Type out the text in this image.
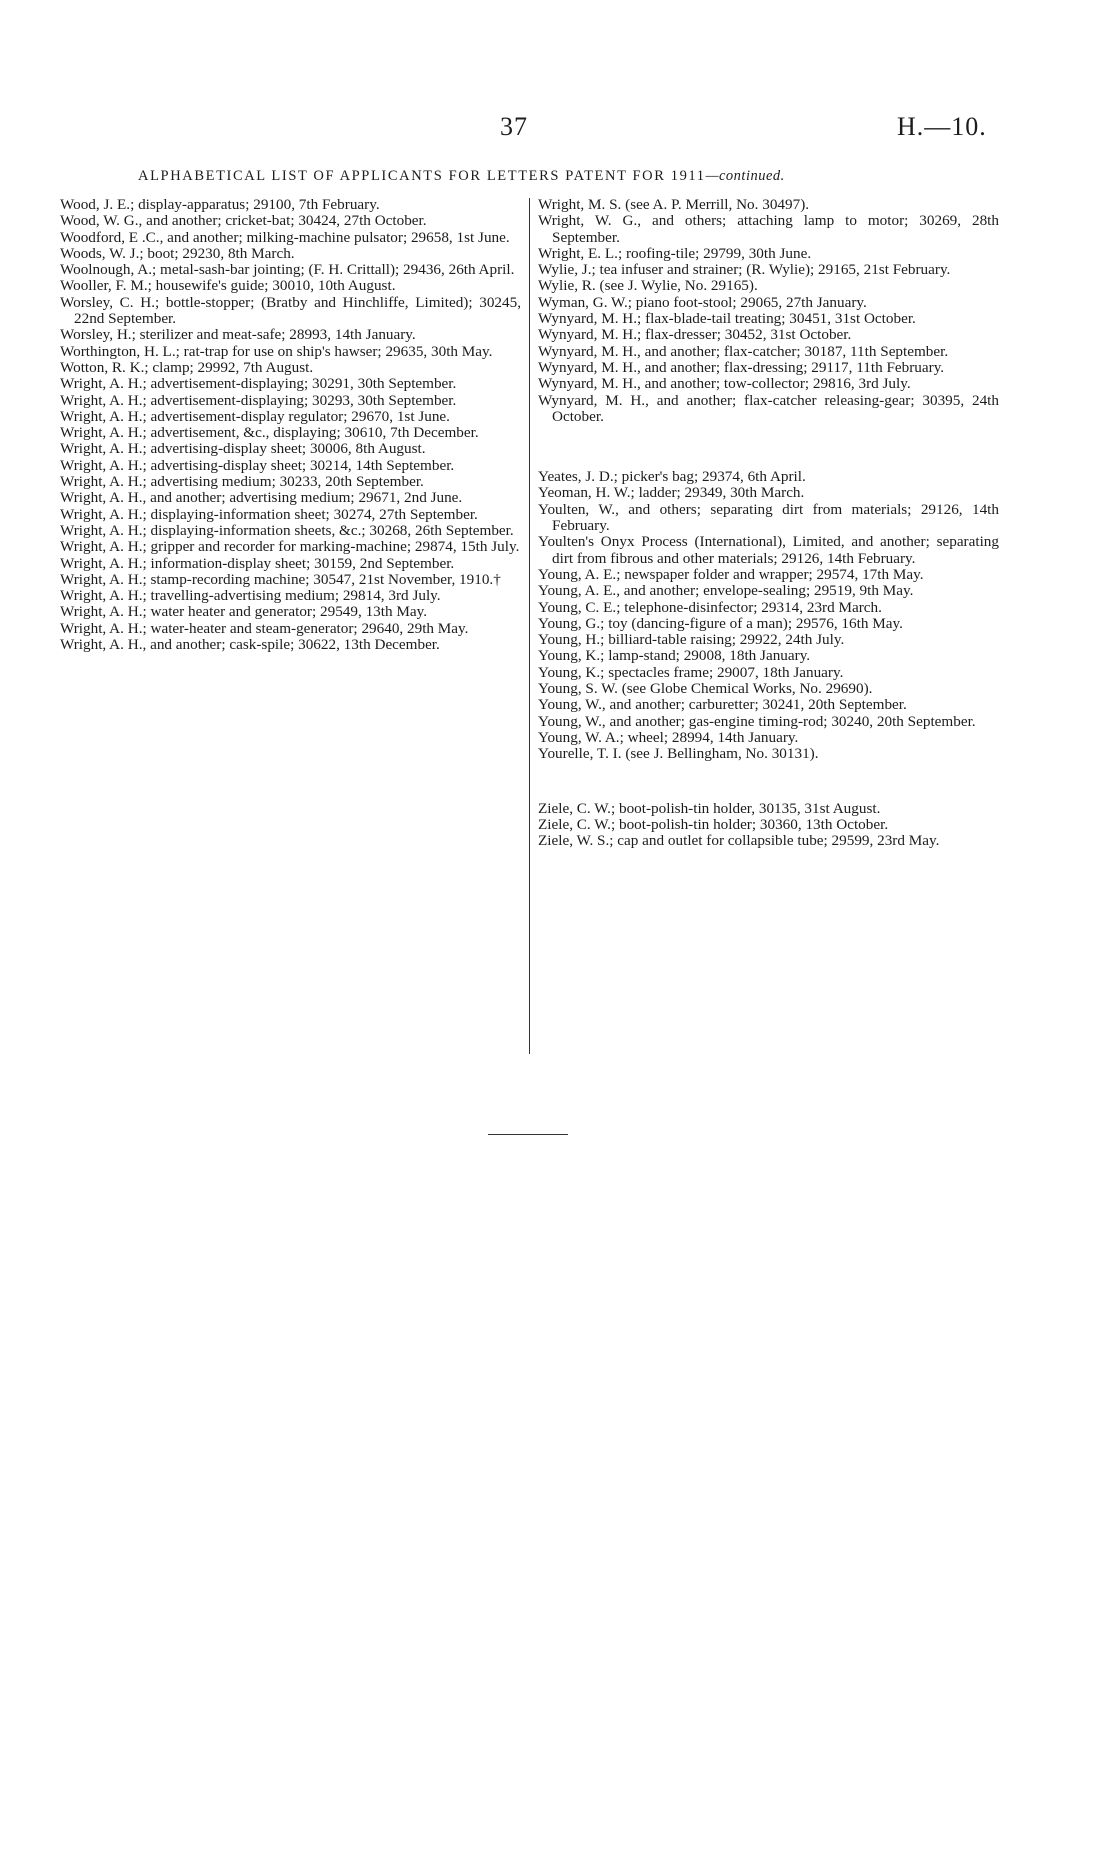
37	H.—10.
ALPHABETICAL LIST OF APPLICANTS FOR LETTERS PATENT FOR 1911—continued.

Wood, J. E.; display-apparatus; 29100, 7th February.

Wood, W. G., and another; cricket-bat; 30424, 27th October.

Woodford, E .C., and another; milking-machine pulsator; 29658, 1st June.

Woods, W. J.; boot; 29230, 8th March.

Woolnough, A.; metal-sash-bar jointing; (F. H. Crittall); 29436, 26th April.

Wooller, F. M.; housewife's guide; 30010, 10th August.

Worsley, C. H.; bottle-stopper; (Bratby and Hinchliffe, Limited); 30245, 22nd September.

Worsley, H.; sterilizer and meat-safe; 28993, 14th January.

Worthington, H. L.; rat-trap for use on ship's hawser; 29635, 30th May.

Wotton, R. K.; clamp; 29992, 7th August.

Wright, A. H.; advertisement-displaying; 30291, 30th September.

Wright, A. H.; advertisement-displaying; 30293, 30th September.

Wright, A. H.; advertisement-display regulator; 29670, 1st June.

Wright, A. H.; advertisement, &c., displaying; 30610, 7th December.

Wright, A. H.; advertising-display sheet; 30006, 8th August.

Wright, A. H.; advertising-display sheet; 30214, 14th September.

Wright, A. H.; advertising medium; 30233, 20th September.

Wright, A. H., and another; advertising medium; 29671, 2nd June.

Wright, A. H.; displaying-information sheet; 30274, 27th September.

Wright, A. H.; displaying-information sheets, &c.; 30268, 26th September.

Wright, A. H.; gripper and recorder for marking-machine; 29874, 15th July.

Wright, A. H.; information-display sheet; 30159, 2nd September.

Wright, A. H.; stamp-recording machine; 30547, 21st November, 1910.†

Wright, A. H.; travelling-advertising medium; 29814, 3rd July.

Wright, A. H.; water heater and generator; 29549, 13th May.

Wright, A. H.; water-heater and steam-generator; 29640, 29th May.

Wright, A. H., and another; cask-spile; 30622, 13th December.

Wright, M. S. (see A. P. Merrill, No. 30497).

Wright, W. G., and others; attaching lamp to motor; 30269, 28th September.

Wright, E. L.; roofing-tile; 29799, 30th June.

Wylie, J.; tea infuser and strainer; (R. Wylie); 29165, 21st February.

Wylie, R. (see J. Wylie, No. 29165).

Wyman, G. W.; piano foot-stool; 29065, 27th January.

Wynyard, M. H.; flax-blade-tail treating; 30451, 31st October.

Wynyard, M. H.; flax-dresser; 30452, 31st October.

Wynyard, M. H., and another; flax-catcher; 30187, 11th September.

Wynyard, M. H., and another; flax-dressing; 29117, 11th February.

Wynyard, M. H., and another; tow-collector; 29816, 3rd July.

Wynyard, M. H., and another; flax-catcher releasing-gear; 30395, 24th October.

Yeates, J. D.; picker's bag; 29374, 6th April.

Yeoman, H. W.; ladder; 29349, 30th March.

Youlten, W., and others; separating dirt from materials; 29126, 14th February.

Youlten's Onyx Process (International), Limited, and another; separating dirt from fibrous and other materials; 29126, 14th February.

Young, A. E.; newspaper folder and wrapper; 29574, 17th May.

Young, A. E., and another; envelope-sealing; 29519, 9th May.

Young, C. E.; telephone-disinfector; 29314, 23rd March.

Young, G.; toy (dancing-figure of a man); 29576, 16th May.

Young, H.; billiard-table raising; 29922, 24th July.

Young, K.; lamp-stand; 29008, 18th January.

Young, K.; spectacles frame; 29007, 18th January.

Young, S. W. (see Globe Chemical Works, No. 29690).

Young, W., and another; carburetter; 30241, 20th September.

Young, W., and another; gas-engine timing-rod; 30240, 20th September.

Young, W. A.; wheel; 28994, 14th January.

Yourelle, T. I. (see J. Bellingham, No. 30131).

Ziele, C. W.; boot-polish-tin holder, 30135, 31st August.

Ziele, C. W.; boot-polish-tin holder; 30360, 13th October.

Ziele, W. S.; cap and outlet for collapsible tube; 29599, 23rd May.
